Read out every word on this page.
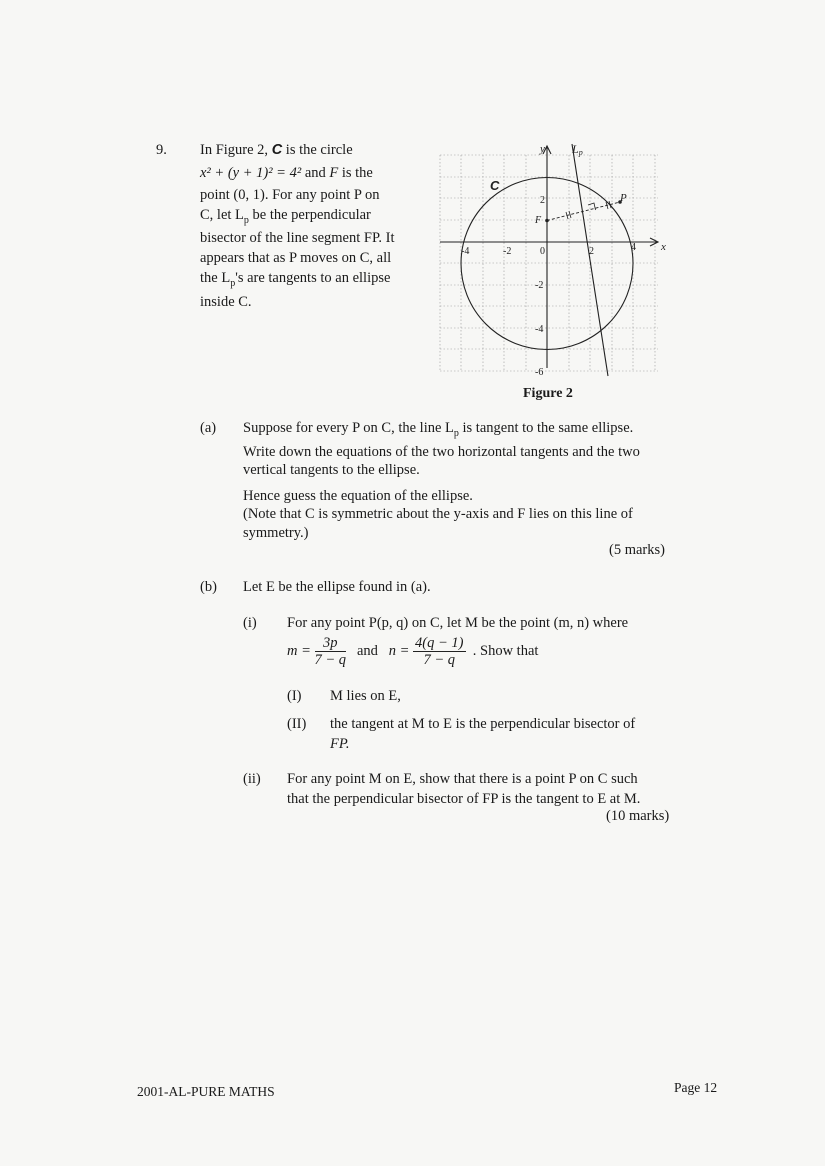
9. In Figure 2, C is the circle
x² + (y + 1)² = 4² and F is the
point (0, 1). For any point P on
C, let $L_p$ be the perpendicular
bisector of the line segment FP. It
appears that as P moves on C, all
the $L_p's$ are tangents to an ellipse
inside C.
x
y Lp
C
P
F
-4	-2	0	2	4
2
-2
-4
-6
Figure 2
(a) Suppose for every P on C, the line $L_p$ is tangent to the same ellipse.
Write down the equations of the two horizontal tangents and the two
vertical tangents to the ellipse.
Hence guess the equation of the ellipse.
(Note that C is symmetric about the y-axis and F lies on this line of
symmetry.)
(5 marks)
(b) Let E be the ellipse found in (a).
(i) For any point P(p, q) on C, let M be the point (m, n) where
$m = \frac{3p}{7 - q}$ and $n = \frac{4(q - 1)}{7 - q}$ . Show that
(I) M lies on E,
(II) the tangent at M to E is the perpendicular bisector of
FP.
(ii) For any point M on E, show that there is a point P on C such
that the perpendicular bisector of FP is the tangent to E at M.
(10 marks)
2001-AL-PURE MATHS	Page 12
